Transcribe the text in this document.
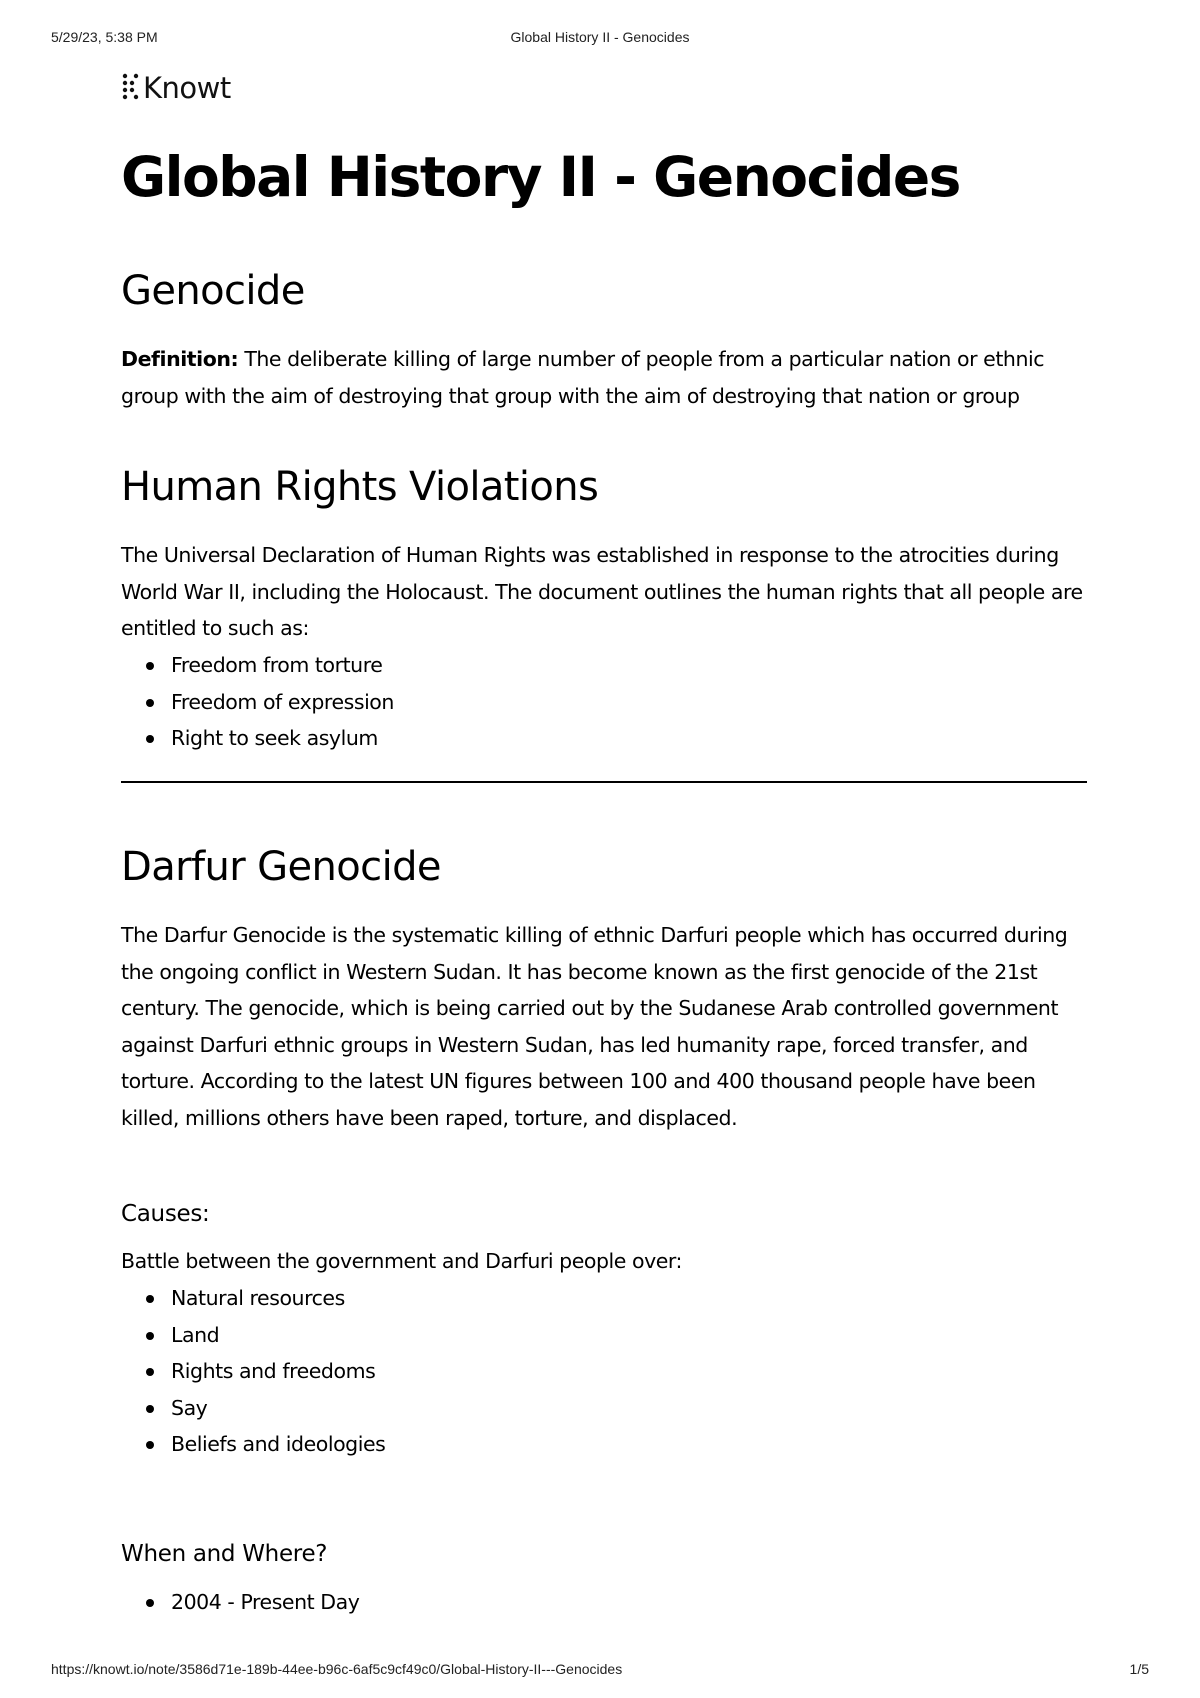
5/29/23, 5:38 PM	Global History II - Genocides
Knowt
Global History II - Genocides
Genocide

Definition: The deliberate killing of large number of people from a particular nation or ethnic group with the aim of destroying that group with the aim of destroying that nation or group

Human Rights Violations

The Universal Declaration of Human Rights was established in response to the atrocities during World War II, including the Holocaust. The document outlines the human rights that all people are entitled to such as:

Freedom from torture
Freedom of expression
Right to seek asylum
Darfur Genocide

The Darfur Genocide is the systematic killing of ethnic Darfuri people which has occurred during the ongoing conflict in Western Sudan. It has become known as the first genocide of the 21st century. The genocide, which is being carried out by the Sudanese Arab controlled government against Darfuri ethnic groups in Western Sudan, has led humanity rape, forced transfer, and torture. According to the latest UN figures between 100 and 400 thousand people have been killed, millions others have been raped, torture, and displaced.

Causes:

Battle between the government and Darfuri people over:

Natural resources
Land
Rights and freedoms
Say
Beliefs and ideologies
When and Where?
2004 - Present Day
https://knowt.io/note/3586d71e-189b-44ee-b96c-6af5c9cf49c0/Global-History-II---Genocides	1/5
